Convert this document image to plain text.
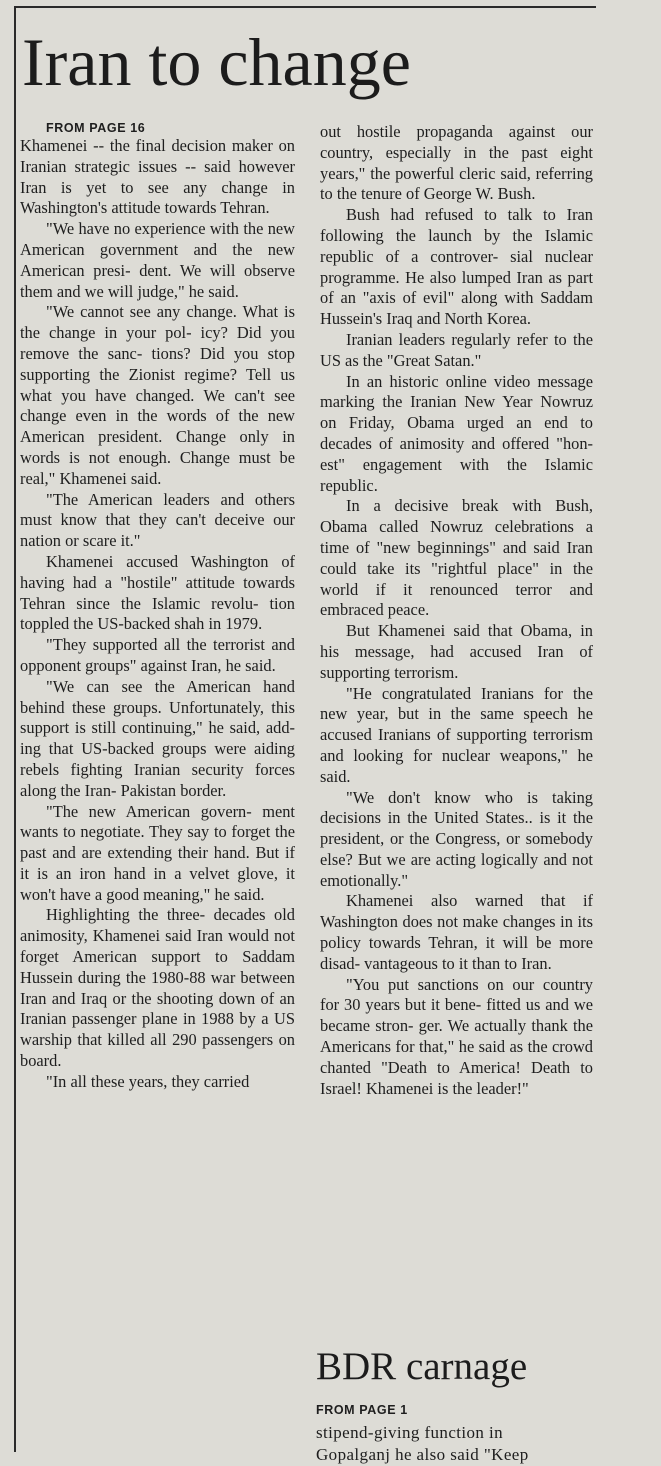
Iran to change

FROM PAGE 16

Khamenei -- the final decision maker on Iranian strategic issues -- said however Iran is yet to see any change in Washington's attitude towards Tehran.

"We have no experience with the new American government and the new American presi- dent. We will observe them and we will judge," he said.

"We cannot see any change. What is the change in your pol- icy? Did you remove the sanc- tions? Did you stop supporting the Zionist regime? Tell us what you have changed. We can't see change even in the words of the new American president. Change only in words is not enough. Change must be real," Khamenei said.

"The American leaders and others must know that they can't deceive our nation or scare it."

Khamenei accused Washington of having had a "hostile" attitude towards Tehran since the Islamic revolu- tion toppled the US-backed shah in 1979.

"They supported all the terrorist and opponent groups" against Iran, he said.

"We can see the American hand behind these groups. Unfortunately, this support is still continuing," he said, add- ing that US-backed groups were aiding rebels fighting Iranian security forces along the Iran- Pakistan border.

"The new American govern- ment wants to negotiate. They say to forget the past and are extending their hand. But if it is an iron hand in a velvet glove, it won't have a good meaning," he said.

Highlighting the three- decades old animosity, Khamenei said Iran would not forget American support to Saddam Hussein during the 1980-88 war between Iran and Iraq or the shooting down of an Iranian passenger plane in 1988 by a US warship that killed all 290 passengers on board.

"In all these years, they carried

out hostile propaganda against our country, especially in the past eight years," the powerful cleric said, referring to the tenure of George W. Bush.

Bush had refused to talk to Iran following the launch by the Islamic republic of a controver- sial nuclear programme. He also lumped Iran as part of an "axis of evil" along with Saddam Hussein's Iraq and North Korea.

Iranian leaders regularly refer to the US as the "Great Satan."

In an historic online video message marking the Iranian New Year Nowruz on Friday, Obama urged an end to decades of animosity and offered "hon- est" engagement with the Islamic republic.

In a decisive break with Bush, Obama called Nowruz celebrations a time of "new beginnings" and said Iran could take its "rightful place" in the world if it renounced terror and embraced peace.

But Khamenei said that Obama, in his message, had accused Iran of supporting terrorism.

"He congratulated Iranians for the new year, but in the same speech he accused Iranians of supporting terrorism and looking for nuclear weapons," he said.

"We don't know who is taking decisions in the United States.. is it the president, or the Congress, or somebody else? But we are acting logically and not emotionally."

Khamenei also warned that if Washington does not make changes in its policy towards Tehran, it will be more disad- vantageous to it than to Iran.

"You put sanctions on our country for 30 years but it bene- fitted us and we became stron- ger. We actually thank the Americans for that," he said as the crowd chanted "Death to America! Death to Israel! Khamenei is the leader!"

BDR carnage

FROM PAGE 1

stipend-giving function in

Gopalganj he also said "Keep
